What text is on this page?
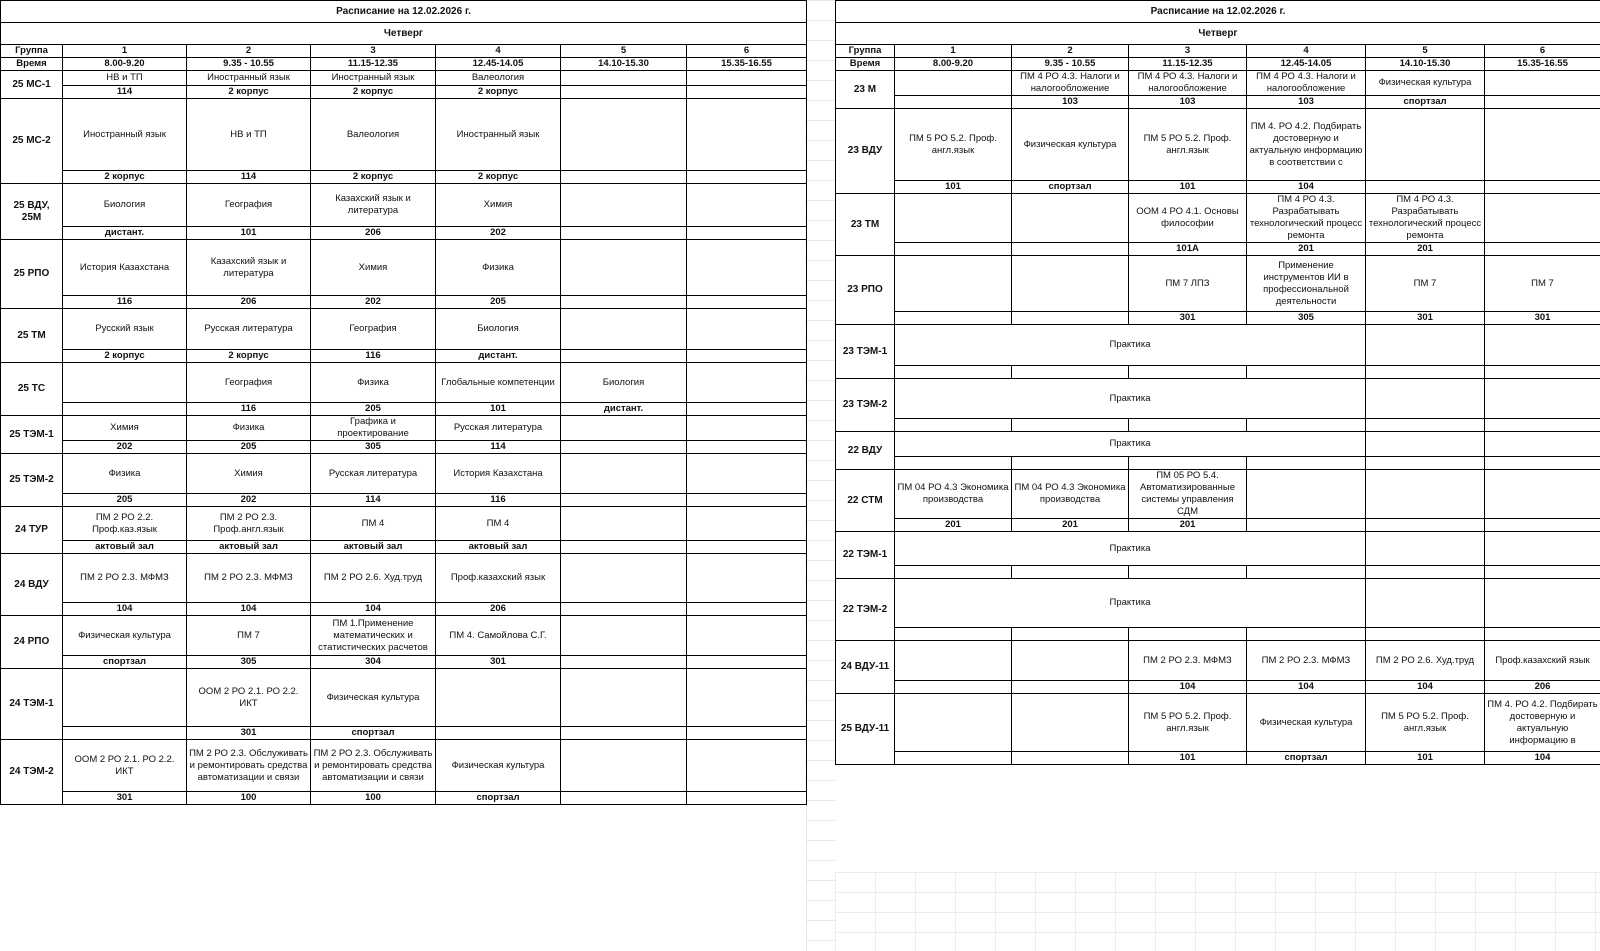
Расписание на 12.02.2026 г.						
Четверг						
Группа	1	2	3	4	5	6
Время	8.00-9.20	9.35 - 10.55	11.15-12.35	12.45-14.05	14.10-15.30	15.35-16.55
25 МС-1	НВ и ТП	Иностранный язык	Иностранный язык	Валеология		
	114	2 корпус	2 корпус	2 корпус		
25 МС-2	Иностранный язык	НВ и ТП	Валеология	Иностранный язык		
	2 корпус	114	2 корпус	2 корпус		
25 ВДУ, 25М	Биология	География	Казахский язык и литература	Химия		
	дистант.	101	206	202		
25 РПО	История Казахстана	Казахский язык и литература	Химия	Физика		
	116	206	202	205		
25 ТМ	Русский язык	Русская литература	География	Биология		
	2 корпус	2 корпус	116	дистант.		
25 ТС		География	Физика	Глобальные компетенции	Биология	
		116	205	101	дистант.	
25 ТЭМ-1	Химия	Физика	Графика и проектирование	Русская литература		
	202	205	305	114		
25 ТЭМ-2	Физика	Химия	Русская литература	История Казахстана		
	205	202	114	116		
24 ТУР	ПМ 2 РО 2.2. Проф.каз.язык	ПМ 2 РО 2.3. Проф.англ.язык	ПМ 4	ПМ 4		
	актовый зал	актовый зал	актовый зал	актовый зал		
24 ВДУ	ПМ 2 РО 2.3. МФМЗ	ПМ 2 РО 2.3. МФМЗ	ПМ 2 РО 2.6. Худ.труд	Проф.казахский язык		
	104	104	104	206		
24 РПО	Физическая культура	ПМ 7	ПМ 1.Применение математических и статистических расчетов	ПМ 4. Самойлова С.Г.		
	спортзал	305	304	301		
24 ТЭМ-1		ООМ 2 РО 2.1. РО 2.2. ИКТ	Физическая культура			
		301	спортзал			
24 ТЭМ-2	ООМ 2 РО 2.1. РО 2.2. ИКТ	ПМ 2 РО 2.3. Обслуживать и ремонтировать средства автоматизации и связи	ПМ 2 РО 2.3. Обслуживать и ремонтировать средства автоматизации и связи	Физическая культура		
	301	100	100	спортзал		
Расписание на 12.02.2026 г.						
Четверг						
Группа	1	2	3	4	5	6
Время	8.00-9.20	9.35 - 10.55	11.15-12.35	12.45-14.05	14.10-15.30	15.35-16.55
23 М		ПМ 4 РО 4.3. Налоги и налогообложение	ПМ 4 РО 4.3. Налоги и налогообложение	ПМ 4 РО 4.3. Налоги и налогообложение	Физическая культура	
		103	103	103	спортзал	
23 ВДУ	ПМ 5 РО 5.2. Проф. англ.язык	Физическая культура	ПМ 5 РО 5.2. Проф. англ.язык	ПМ 4. РО 4.2. Подбирать достоверную и актуальную информацию в соответствии с		
	101	спортзал	101	104		
23 ТМ			ООМ 4 РО 4.1. Основы философии	ПМ 4 РО 4.3. Разрабатывать технологический процесс ремонта	ПМ 4 РО 4.3. Разрабатывать технологический процесс ремонта	
			101А	201	201	
23 РПО			ПМ 7 ЛПЗ	Применение инструментов ИИ в профессиональной деятельности	ПМ 7	ПМ 7
			301	305	301	301
23 ТЭМ-1	Практика					

23 ТЭМ-2	Практика					

22 ВДУ	Практика					

22 СТМ	ПМ 04 РО 4.3 Экономика производства	ПМ 04 РО 4.3 Экономика производства	ПМ 05 РО 5.4. Автоматизированные системы управления СДМ			
	201	201	201			
22 ТЭМ-1	Практика					

22 ТЭМ-2	Практика					

24 ВДУ-11			ПМ 2 РО 2.3. МФМЗ	ПМ 2 РО 2.3. МФМЗ	ПМ 2 РО 2.6. Худ.труд	Проф.казахский язык
			104	104	104	206
25 ВДУ-11			ПМ 5 РО 5.2. Проф. англ.язык	Физическая культура	ПМ 5 РО 5.2. Проф. англ.язык	ПМ 4. РО 4.2. Подбирать достоверную и актуальную информацию в
			101	спортзал	101	104
